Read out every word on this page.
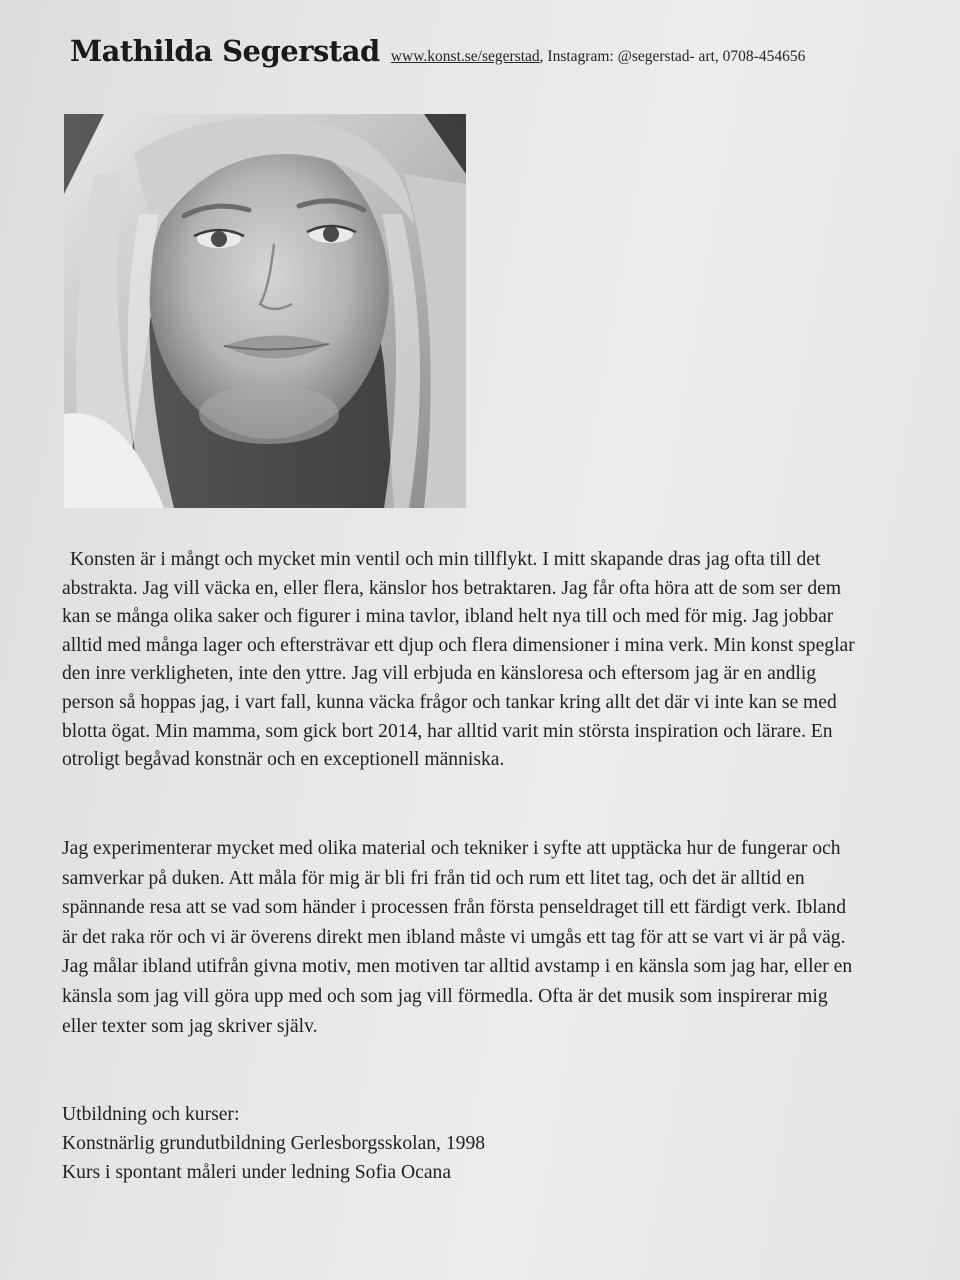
Mathilda Segerstad www.konst.se/segerstad, Instagram: @segerstad- art, 0708-454656

Konsten är i mångt och mycket min ventil och min tillflykt. I mitt skapande dras jag ofta till det abstrakta. Jag vill väcka en, eller flera, känslor hos betraktaren. Jag får ofta höra att de som ser dem kan se många olika saker och figurer i mina tavlor, ibland helt nya till och med för mig. Jag jobbar alltid med många lager och eftersträvar ett djup och flera dimensioner i mina verk. Min konst speglar den inre verkligheten, inte den yttre. Jag vill erbjuda en känsloresa och eftersom jag är en andlig person så hoppas jag, i vart fall, kunna väcka frågor och tankar kring allt det där vi inte kan se med blotta ögat. Min mamma, som gick bort 2014, har alltid varit min största inspiration och lärare. En otroligt begåvad konstnär och en exceptionell människa.

Jag experimenterar mycket med olika material och tekniker i syfte att upptäcka hur de fungerar och samverkar på duken. Att måla för mig är bli fri från tid och rum ett litet tag, och det är alltid en spännande resa att se vad som händer i processen från första penseldraget till ett färdigt verk. Ibland är det raka rör och vi är överens direkt men ibland måste vi umgås ett tag för att se vart vi är på väg. Jag målar ibland utifrån givna motiv, men motiven tar alltid avstamp i en känsla som jag har, eller en känsla som jag vill göra upp med och som jag vill förmedla. Ofta är det musik som inspirerar mig eller texter som jag skriver själv.

Utbildning och kurser:
Konstnärlig grundutbildning Gerlesborgsskolan, 1998
Kurs i spontant måleri under ledning Sofia Ocana
